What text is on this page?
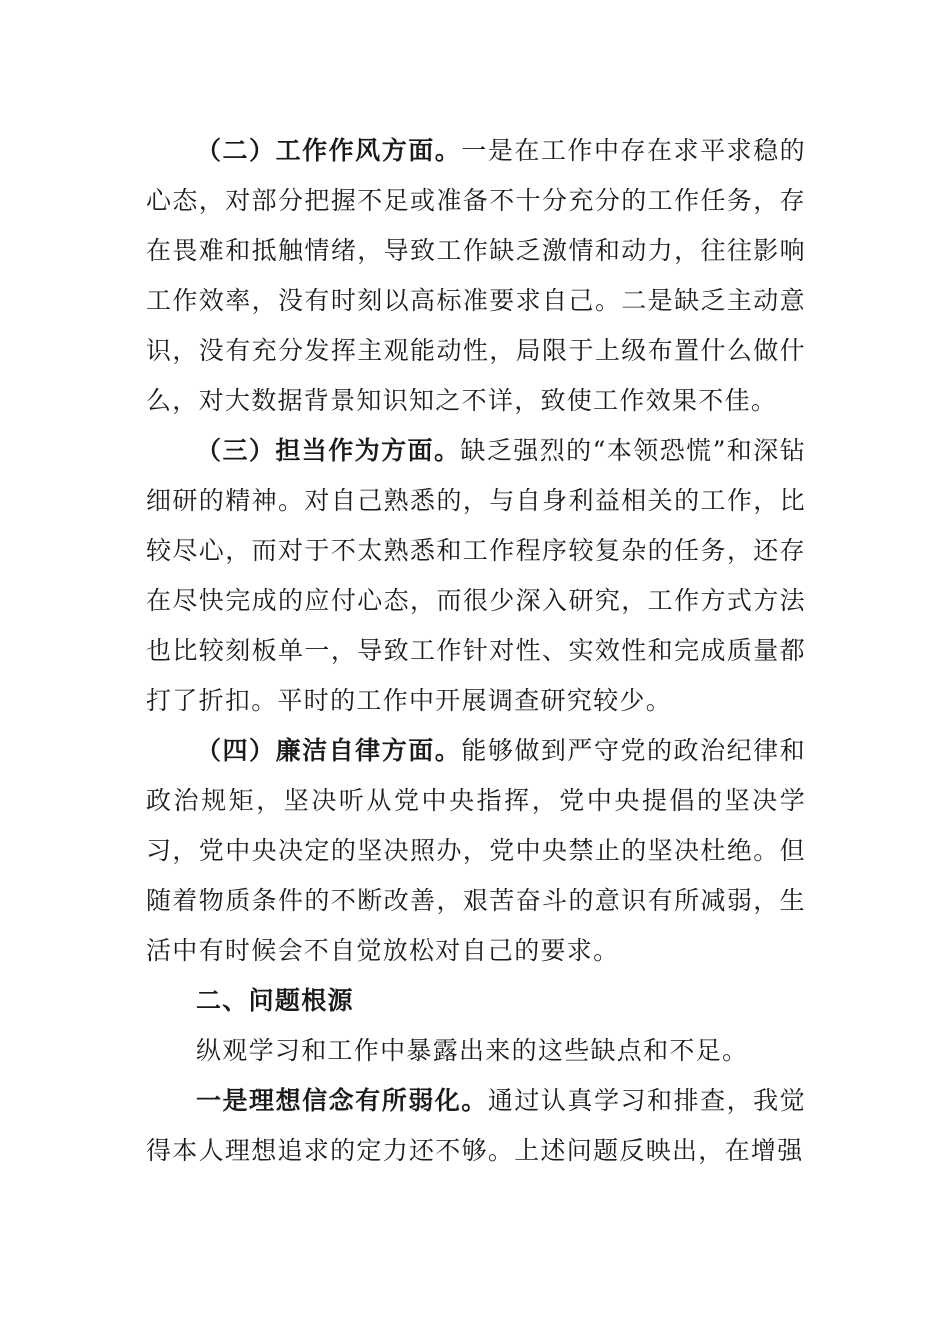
（二）工作作风方面。一是在工作中存在求平求稳的心态，对部分把握不足或准备不十分充分的工作任务，存在畏难和抵触情绪，导致工作缺乏激情和动力，往往影响工作效率，没有时刻以高标准要求自己。二是缺乏主动意识，没有充分发挥主观能动性，局限于上级布置什么做什么，对大数据背景知识知之不详，致使工作效果不佳。

（三）担当作为方面。缺乏强烈的“本领恐慌”和深钻细研的精神。对自己熟悉的，与自身利益相关的工作，比较尽心，而对于不太熟悉和工作程序较复杂的任务，还存在尽快完成的应付心态，而很少深入研究，工作方式方法也比较刻板单一，导致工作针对性、实效性和完成质量都打了折扣。平时的工作中开展调查研究较少。

（四）廉洁自律方面。能够做到严守党的政治纪律和政治规矩，坚决听从党中央指挥，党中央提倡的坚决学习，党中央决定的坚决照办，党中央禁止的坚决杜绝。但随着物质条件的不断改善，艰苦奋斗的意识有所减弱，生活中有时候会不自觉放松对自己的要求。

二、问题根源

纵观学习和工作中暴露出来的这些缺点和不足。

一是理想信念有所弱化。通过认真学习和排查，我觉得本人理想追求的定力还不够。上述问题反映出，在增强
